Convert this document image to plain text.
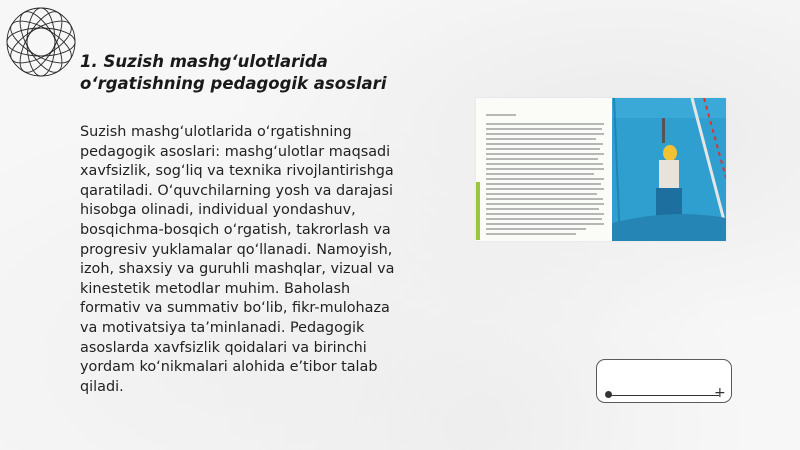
1. Suzish mashg‘ulotlarida
o‘rgatishning pedagogik asoslari
Suzish mashg‘ulotlarida o‘rgatishning
pedagogik asoslari: mashg‘ulotlar maqsadi
xavfsizlik, sog‘liq va texnika rivojlantirishga
qaratiladi. O‘quvchilarning yosh va darajasi
hisobga olinadi, individual yondashuv,
bosqichma-bosqich o‘rgatish, takrorlash va
progresiv yuklamalar qo‘llanadi. Namoyish,
izoh, shaxsiy va guruhli mashqlar, vizual va
kinestetik metodlar muhim. Baholash
formativ va summativ bo‘lib, fikr-mulohaza
va motivatsiya ta’minlanadi. Pedagogik
asoslarda xavfsizlik qoidalari va birinchi
yordam ko‘nikmalari alohida e’tibor talab
qiladi.	+
